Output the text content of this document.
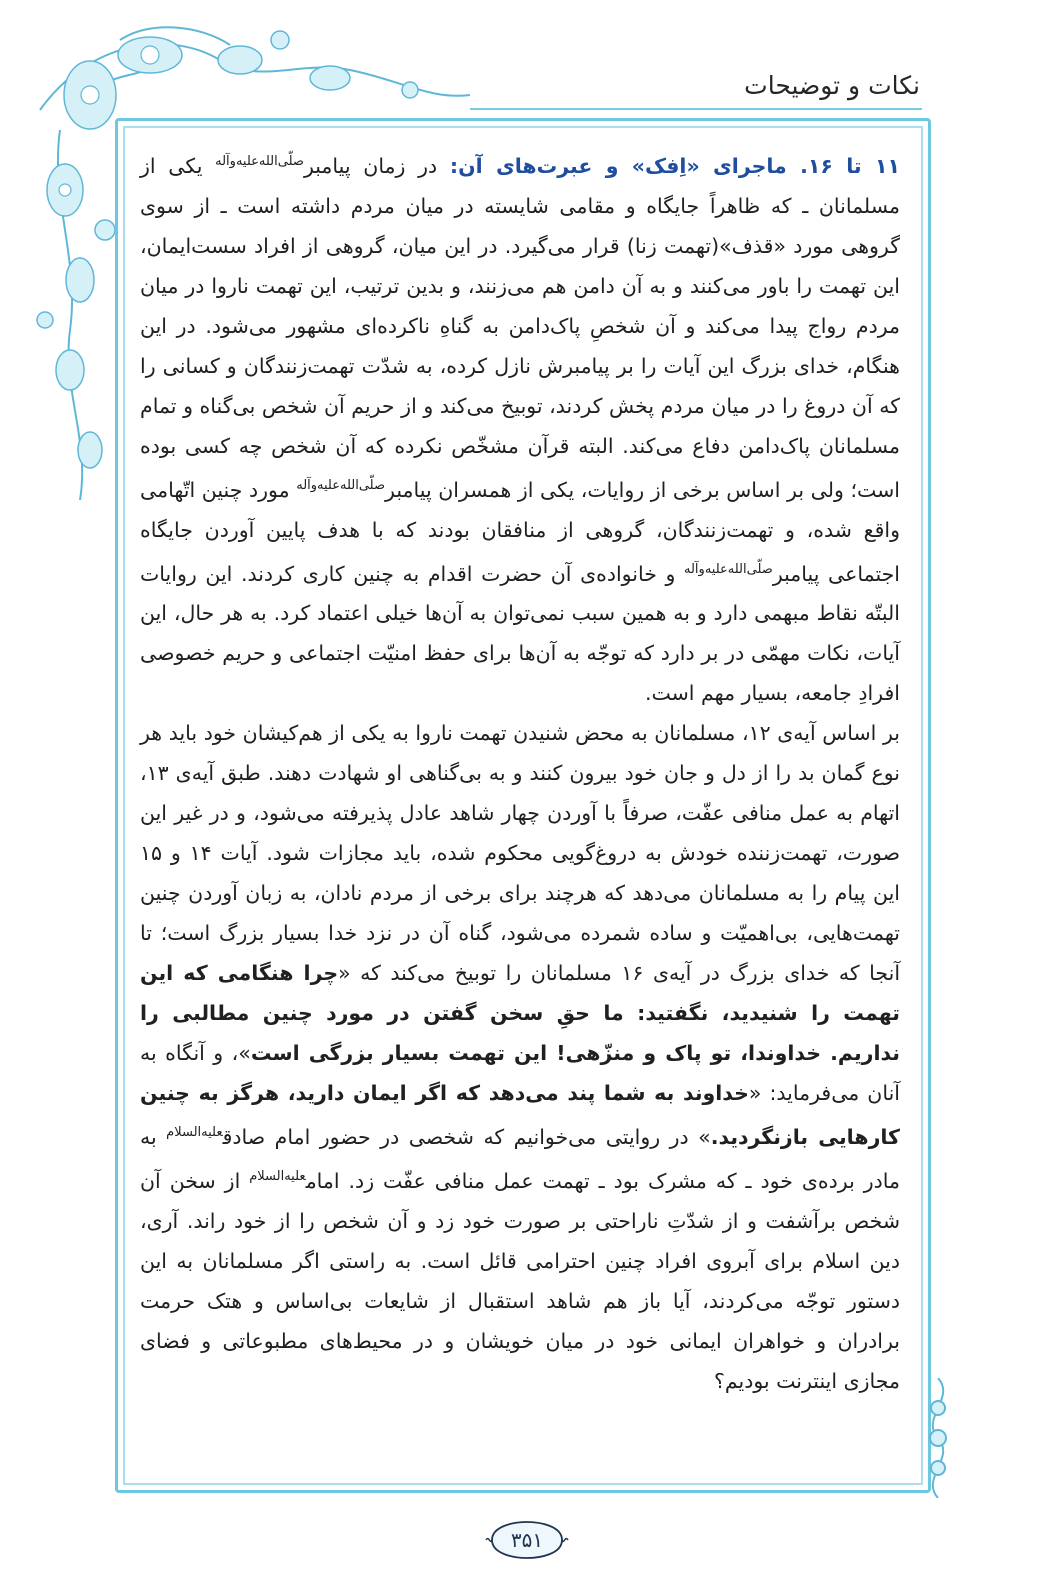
نکات و توضیحات

۱۱ تا ۱۶. ماجرای «اِفک» و عبرت‌های آن: در زمان پیامبر$^{صلّی‌الله‌علیه‌وآله}$ یکی از مسلمانان ـ که ظاهراً جایگاه و مقامی شایسته در میان مردم داشته است ـ از سوی گروهی مورد «قذف»(تهمت زنا) قرار می‌گیرد. در این میان، گروهی از افراد سست‌ایمان، این تهمت را باور می‌کنند و به آن دامن هم می‌زنند، و بدین ترتیب، این تهمت ناروا در میان مردم رواج پیدا می‌کند و آن شخصِ پاک‌دامن به گناهِ ناکرده‌ای مشهور می‌شود. در این هنگام، خدای بزرگ این آیات را بر پیامبرش نازل کرده، به شدّت تهمت‌زنندگان و کسانی را که آن دروغ را در میان مردم پخش کردند، توبیخ می‌کند و از حریم آن شخص بی‌گناه و تمام مسلمانان پاک‌دامن دفاع می‌کند. البته قرآن مشخّص نکرده که آن شخص چه کسی بوده است؛ ولی بر اساس برخی از روایات، یکی از همسران پیامبر$^{صلّی‌الله‌علیه‌وآله}$ مورد چنین اتّهامی واقع شده، و تهمت‌زنندگان، گروهی از منافقان بودند که با هدف پایین آوردن جایگاه اجتماعی پیامبر$^{صلّی‌الله‌علیه‌وآله}$ و خانواده‌ی آن حضرت اقدام به چنین کاری کردند. این روایات البتّه نقاط مبهمی دارد و به همین سبب نمی‌توان به آن‌ها خیلی اعتماد کرد. به هر حال، این آیات، نکات مهمّی در بر دارد که توجّه به آن‌ها برای حفظ امنیّت اجتماعی و حریم خصوصی افرادِ جامعه، بسیار مهم است.

بر اساس آیه‌ی ۱۲، مسلمانان به محض شنیدن تهمت ناروا به یکی از هم‌کیشان خود باید هر نوع گمان بد را از دل و جان خود بیرون کنند و به بی‌گناهی او شهادت دهند. طبق آیه‌ی ۱۳، اتهام به عمل منافی عفّت، صرفاً با آوردن چهار شاهد عادل پذیرفته می‌شود، و در غیر این صورت، تهمت‌زننده خودش به دروغ‌گویی محکوم شده، باید مجازات شود. آیات ۱۴ و ۱۵ این پیام را به مسلمانان می‌دهد که هرچند برای برخی از مردم نادان، به زبان آوردن چنین تهمت‌هایی، بی‌اهمیّت و ساده شمرده می‌شود، گناه آن در نزد خدا بسیار بزرگ است؛ تا آنجا که خدای بزرگ در آیه‌ی ۱۶ مسلمانان را توبیخ می‌کند که «چرا هنگامی که این تهمت را شنیدید، نگفتید: ما حقِ سخن گفتن در مورد چنین مطالبی را نداریم. خداوندا، تو پاک و منزّهی! این تهمت بسیار بزرگی است»، و آنگاه به آنان می‌فرماید: «خداوند به شما پند می‌دهد که اگر ایمان دارید، هرگز به چنین کارهایی بازنگردید.» در روایتی می‌خوانیم که شخصی در حضور امام صادق$^{علیه‌السلام}$ به مادر برده‌ی خود ـ که مشرک بود ـ تهمت عمل منافی عفّت زد. امام$^{علیه‌السلام}$ از سخن آن شخص برآشفت و از شدّتِ ناراحتی بر صورت خود زد و آن شخص را از خود راند. آری، دین اسلام برای آبروی افراد چنین احترامی قائل است. به راستی اگر مسلمانان به این دستور توجّه می‌کردند، آیا باز هم شاهد استقبال از شایعات بی‌اساس و هتک حرمت برادران و خواهران ایمانی خود در میان خویشان و در محیط‌های مطبوعاتی و فضای مجازی اینترنت بودیم؟

۳۵۱
